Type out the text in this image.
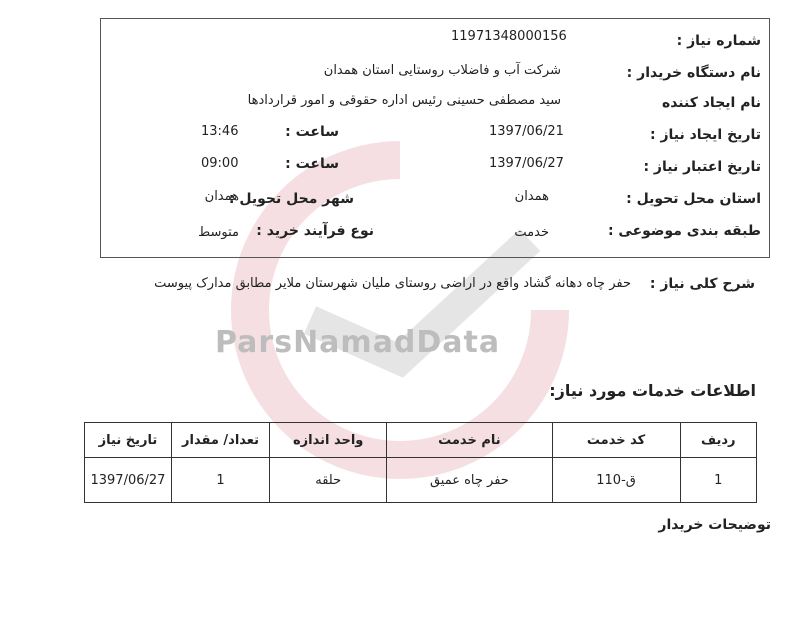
ParsNamadData
شماره نیاز :
11971348000156
نام دستگاه خریدار :
شرکت آب و فاضلاب روستایی استان همدان
نام ایجاد کننده
سید مصطفی حسینی رئیس اداره حقوقی و امور قراردادها
تاریخ ایجاد نیاز :
1397/06/21
ساعت :
13:46
تاریخ اعتبار نیاز :
1397/06/27
ساعت :
09:00
استان محل تحویل :
همدان
شهر محل تحویل :
همدان
طبقه بندی موضوعی :
خدمت
نوع فرآیند خرید :
متوسط
شرح کلی نیاز :
حفر چاه دهانه گشاد واقع در اراضی روستای ملیان شهرستان ملایر مطابق مدارک پیوست
اطلاعات خدمات مورد نیاز:
ردیف	کد خدمت	نام خدمت	واحد اندازه	تعداد/ مقدار	تاریخ نیاز
1	ق-110	حفر چاه عمیق	حلقه	1	1397/06/27
توضیحات خریدار
